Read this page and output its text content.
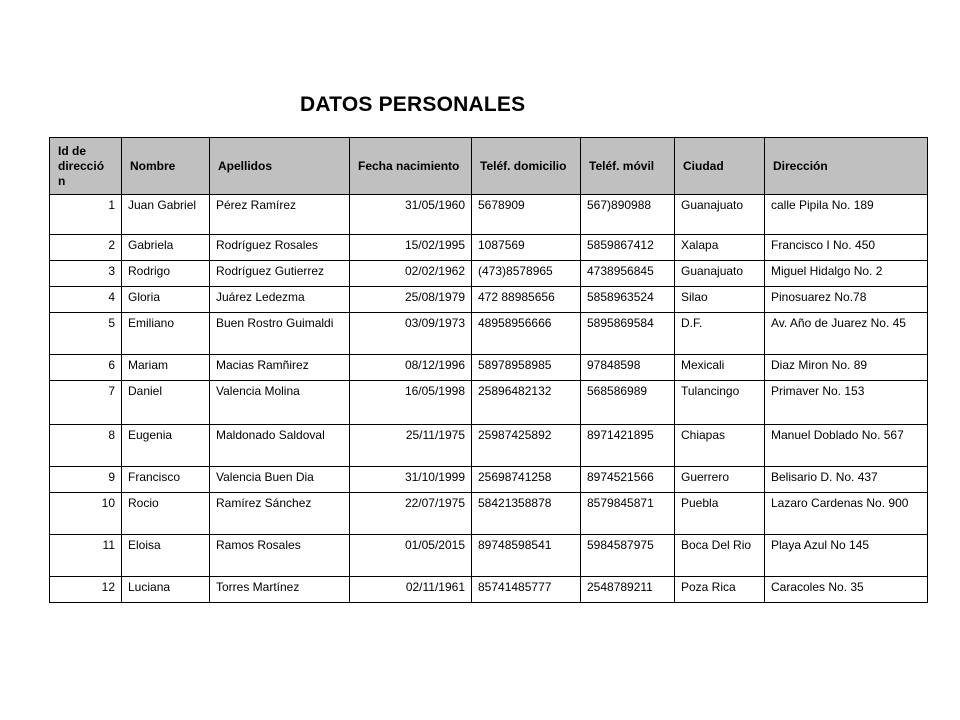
DATOS PERSONALES
Id de direcció n	Nombre	Apellidos	Fecha nacimiento	Teléf. domicilio	Teléf. móvil	Ciudad	Dirección
1	Juan Gabriel	Pérez Ramírez	31/05/1960	5678909	567)890988	Guanajuato	calle Pipila No. 189
2	Gabriela	Rodríguez Rosales	15/02/1995	1087569	5859867412	Xalapa	Francisco I No. 450
3	Rodrigo	Rodríguez Gutierrez	02/02/1962	(473)8578965	4738956845	Guanajuato	Miguel Hidalgo No. 2
4	Gloria	Juárez Ledezma	25/08/1979	472 88985656	5858963524	Silao	Pinosuarez No.78
5	Emiliano	Buen Rostro Guimaldi	03/09/1973	48958956666	5895869584	D.F.	Av. Año de Juarez No. 45
6	Mariam	Macias Ramñirez	08/12/1996	58978958985	97848598	Mexicali	Diaz Miron No. 89
7	Daniel	Valencia Molina	16/05/1998	25896482132	568586989	Tulancingo	Primaver No. 153
8	Eugenia	Maldonado Saldoval	25/11/1975	25987425892	8971421895	Chiapas	Manuel Doblado No. 567
9	Francisco	Valencia Buen Dia	31/10/1999	25698741258	8974521566	Guerrero	Belisario D. No. 437
10	Rocio	Ramírez Sánchez	22/07/1975	58421358878	8579845871	Puebla	Lazaro Cardenas No. 900
11	Eloisa	Ramos Rosales	01/05/2015	89748598541	5984587975	Boca Del Rio	Playa Azul No 145
12	Luciana	Torres Martínez	02/11/1961	85741485777	2548789211	Poza Rica	Caracoles No. 35
